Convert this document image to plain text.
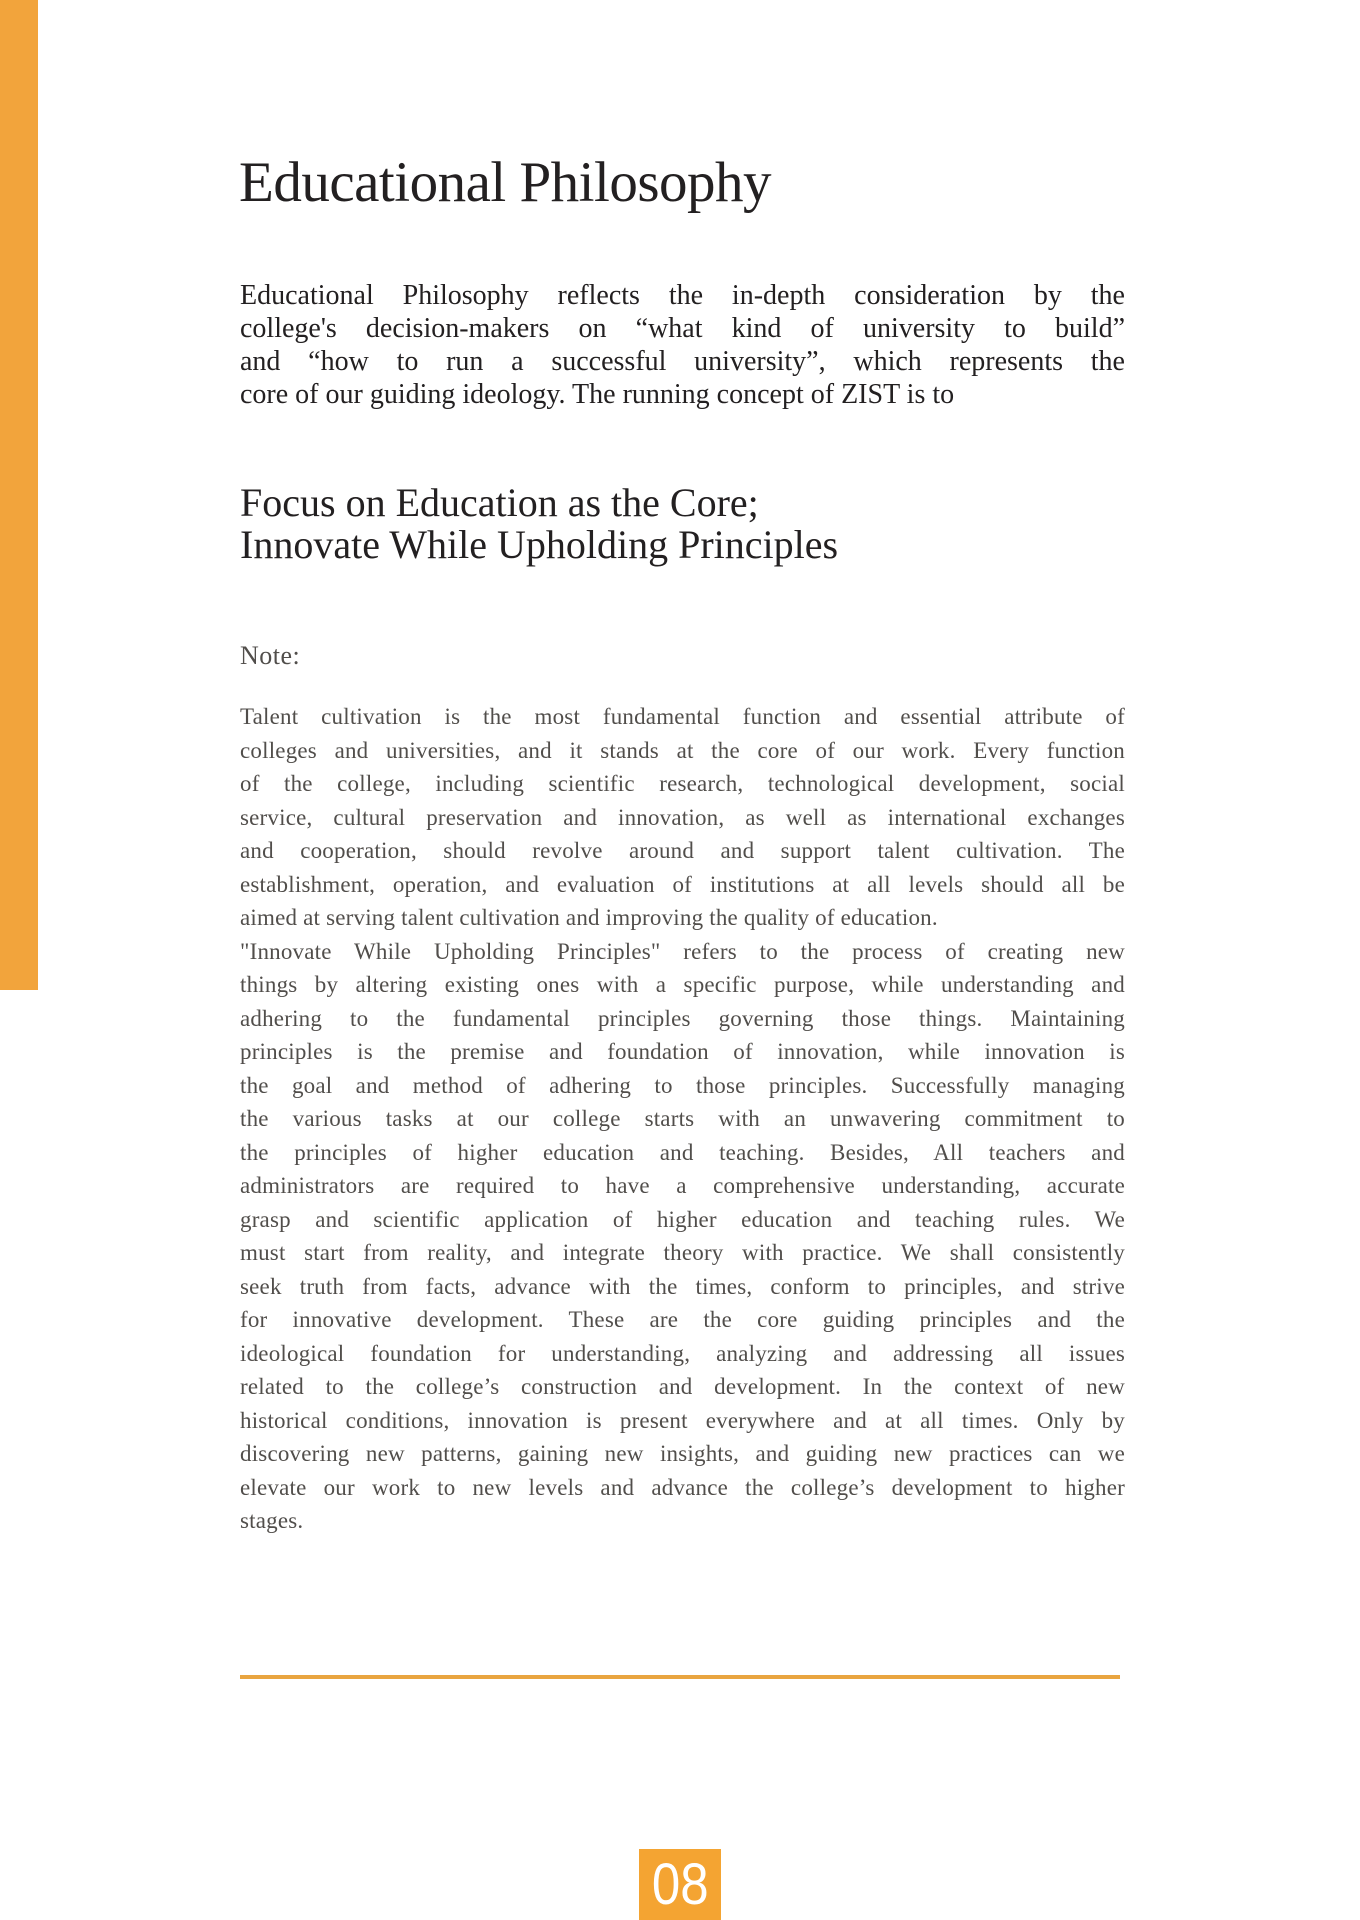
Educational Philosophy
Educational Philosophy reflects the in-depth consideration by the
college's decision-makers on “what kind of university to build”
and “how to run a successful university”, which represents the
core of our guiding ideology. The running concept of ZIST is to
Focus on Education as the Core;
Innovate While Upholding Principles
Note:
Talent cultivation is the most fundamental function and essential attribute of
colleges and universities, and it stands at the core of our work. Every function
of the college, including scientific research, technological development, social
service, cultural preservation and innovation, as well as international exchanges
and cooperation, should revolve around and support talent cultivation. The
establishment, operation, and evaluation of institutions at all levels should all be
aimed at serving talent cultivation and improving the quality of education.
"Innovate While Upholding Principles" refers to the process of creating new
things by altering existing ones with a specific purpose, while understanding and
adhering to the fundamental principles governing those things. Maintaining
principles is the premise and foundation of innovation, while innovation is
the goal and method of adhering to those principles. Successfully managing
the various tasks at our college starts with an unwavering commitment to
the principles of higher education and teaching. Besides, All teachers and
administrators are required to have a comprehensive understanding, accurate
grasp and scientific application of higher education and teaching rules. We
must start from reality, and integrate theory with practice. We shall consistently
seek truth from facts, advance with the times, conform to principles, and strive
for innovative development. These are the core guiding principles and the
ideological foundation for understanding, analyzing and addressing all issues
related to the college’s construction and development. In the context of new
historical conditions, innovation is present everywhere and at all times. Only by
discovering new patterns, gaining new insights, and guiding new practices can we
elevate our work to new levels and advance the college’s development to higher
stages.
08
